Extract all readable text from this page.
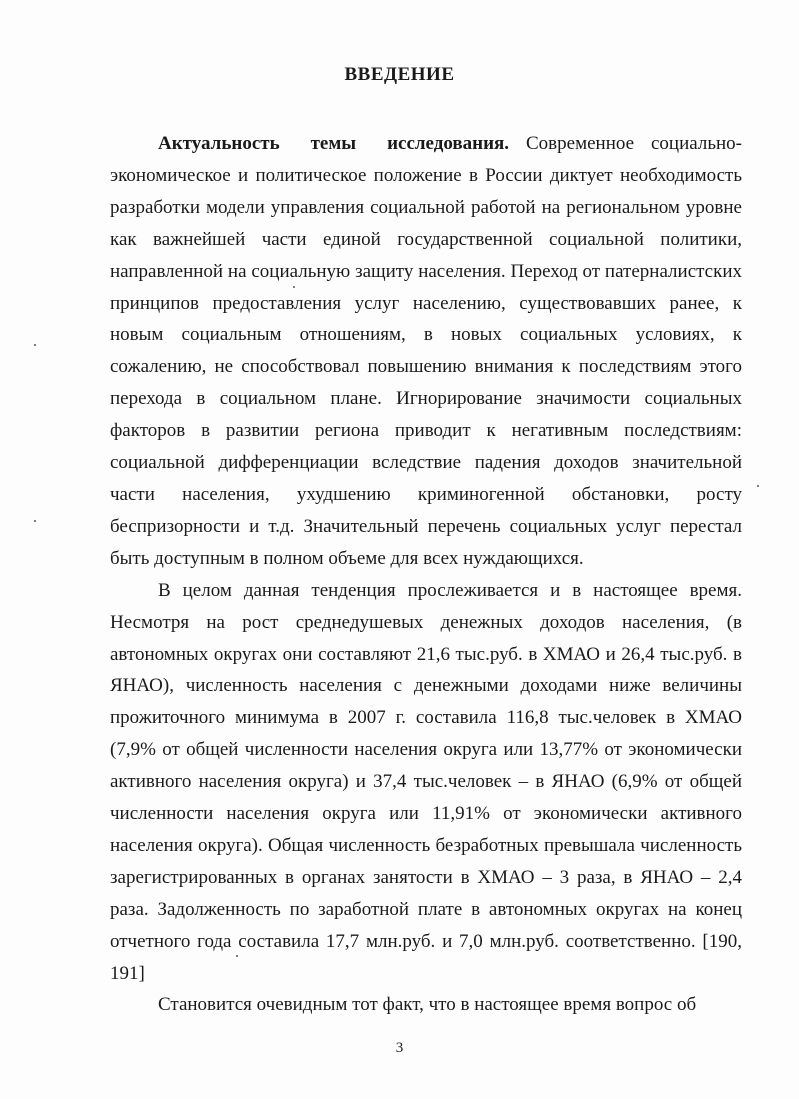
ВВЕДЕНИЕ

Актуальность темы исследования. Современное социально-экономическое и политическое положение в России диктует необходимость разработки модели управления социальной работой на региональном уровне как важнейшей части единой государственной социальной политики, направленной на социальную защиту населения. Переход от патерналистских принципов предоставления услуг населению, существовавших ранее, к новым социальным отношениям, в новых социальных условиях, к сожалению, не способствовал повышению внимания к последствиям этого перехода в социальном плане. Игнорирование значимости социальных факторов в развитии региона приводит к негативным последствиям: социальной дифференциации вследствие падения доходов значительной части населения, ухудшению криминогенной обстановки, росту беспризорности и т.д. Значительный перечень социальных услуг перестал быть доступным в полном объеме для всех нуждающихся.

В целом данная тенденция прослеживается и в настоящее время. Несмотря на рост среднедушевых денежных доходов населения, (в автономных округах они составляют 21,6 тыс.руб. в ХМАО и 26,4 тыс.руб. в ЯНАО), численность населения с денежными доходами ниже величины прожиточного минимума в 2007 г. составила 116,8 тыс.человек в ХМАО (7,9% от общей численности населения округа или 13,77% от экономически активного населения округа) и 37,4 тыс.человек – в ЯНАО (6,9% от общей численности населения округа или 11,91% от экономически активного населения округа). Общая численность безработных превышала численность зарегистрированных в органах занятости в ХМАО – 3 раза, в ЯНАО – 2,4 раза. Задолженность по заработной плате в автономных округах на конец отчетного года составила 17,7 млн.руб. и 7,0 млн.руб. соответственно. [190, 191]

Становится очевидным тот факт, что в настоящее время вопрос об

3
